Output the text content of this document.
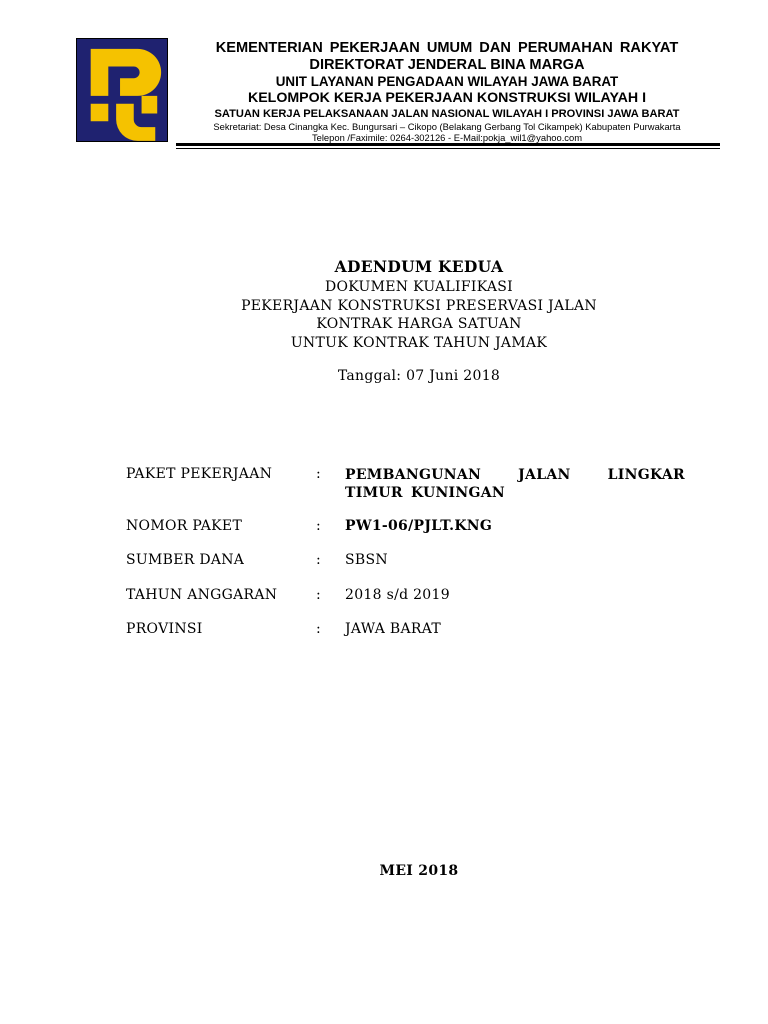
KEMENTERIAN PEKERJAAN UMUM DAN PERUMAHAN RAKYAT
DIREKTORAT JENDERAL BINA MARGA
UNIT LAYANAN PENGADAAN WILAYAH JAWA BARAT
KELOMPOK KERJA PEKERJAAN KONSTRUKSI WILAYAH I
SATUAN KERJA PELAKSANAAN JALAN NASIONAL WILAYAH I PROVINSI JAWA BARAT
Sekretariat: Desa Cinangka Kec. Bungursari – Cikopo (Belakang Gerbang Tol Cikampek) Kabupaten Purwakarta
Telepon /Faximile: 0264-302126 - E-Mail:pokja_wil1@yahoo.com
ADENDUM KEDUA
DOKUMEN KUALIFIKASI
PEKERJAAN KONSTRUKSI PRESERVASI JALAN
KONTRAK HARGA SATUAN
UNTUK KONTRAK TAHUN JAMAK
Tanggal: 07 Juni 2018
PAKET PEKERJAAN	: PEMBANGUNAN JALAN LINGKAR TIMUR KUNINGAN
NOMOR PAKET	: PW1-06/PJLT.KNG
SUMBER DANA	: SBSN
TAHUN ANGGARAN	: 2018 s/d 2019
PROVINSI	: JAWA BARAT
MEI 2018
